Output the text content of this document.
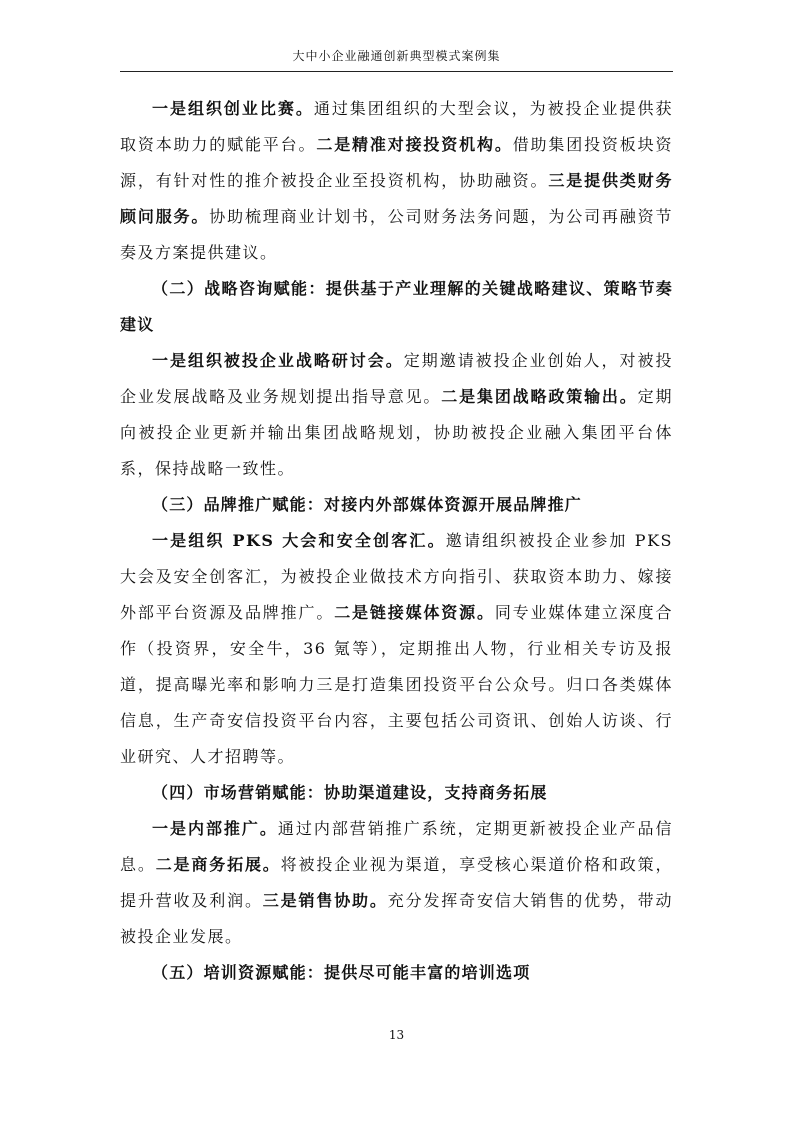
大中小企业融通创新典型模式案例集

一是组织创业比赛。通过集团组织的大型会议，为被投企业提供获取资本助力的赋能平台。二是精准对接投资机构。借助集团投资板块资源，有针对性的推介被投企业至投资机构，协助融资。三是提供类财务顾问服务。协助梳理商业计划书，公司财务法务问题，为公司再融资节奏及方案提供建议。

（二）战略咨询赋能：提供基于产业理解的关键战略建议、策略节奏建议

一是组织被投企业战略研讨会。定期邀请被投企业创始人，对被投企业发展战略及业务规划提出指导意见。二是集团战略政策输出。定期向被投企业更新并输出集团战略规划，协助被投企业融入集团平台体系，保持战略一致性。

（三）品牌推广赋能：对接内外部媒体资源开展品牌推广

一是组织 PKS 大会和安全创客汇。邀请组织被投企业参加 PKS 大会及安全创客汇，为被投企业做技术方向指引、获取资本助力、嫁接外部平台资源及品牌推广。二是链接媒体资源。同专业媒体建立深度合作（投资界，安全牛，36 氪等），定期推出人物，行业相关专访及报道，提高曝光率和影响力三是打造集团投资平台公众号。归口各类媒体信息，生产奇安信投资平台内容，主要包括公司资讯、创始人访谈、行业研究、人才招聘等。

（四）市场营销赋能：协助渠道建设，支持商务拓展

一是内部推广。通过内部营销推广系统，定期更新被投企业产品信息。二是商务拓展。将被投企业视为渠道，享受核心渠道价格和政策，提升营收及利润。三是销售协助。充分发挥奇安信大销售的优势，带动被投企业发展。

（五）培训资源赋能：提供尽可能丰富的培训选项

13
